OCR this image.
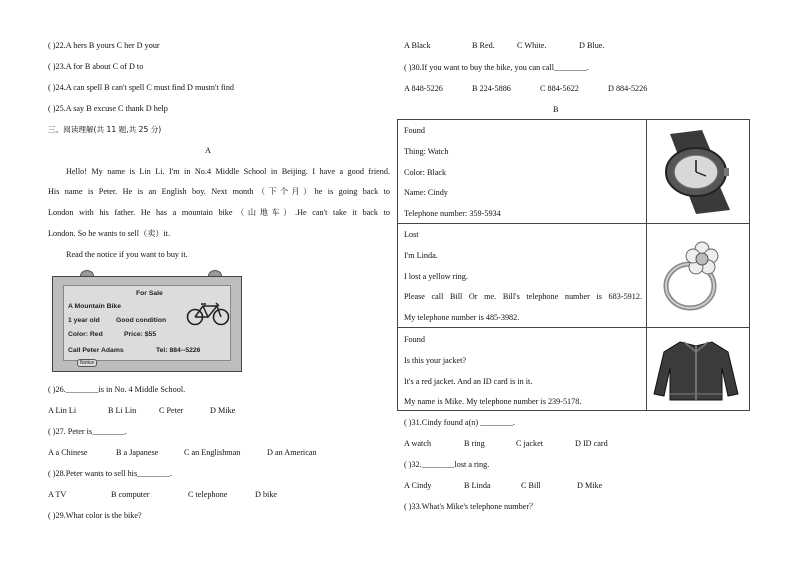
( )22.A hers B yours C her D your
( )23.A for B about C of D to
( )24.A can spell B can't spell C must find D mustn't find
( )25.A say B excuse C thank D help
三、阅读理解(共 11 题,共 25 分)
A
Hello! My name is Lin Li. I'm in No.4 Middle School in Beijing. I have a good friend.
His name is Peter. He is an English boy. Next month（下个月）he is going back to
London with his father. He has a mountain bike（山地车）.He can't take it back to
London. So he wants to sell（卖）it.
Read the notice if you want to buy it.
For Sale
A Mountain Bike
1 year old Good condition
Color: Red	Price: $55
Call Peter Adams	Tel: 884--5226
Notice
( )26.________is in No. 4 Middle School.
A Lin Li	B Li Lin	C Peter	D Mike
( )27. Peter is________.
A a Chinese	B a Japanese	C an Englishman	D an American
( )28.Peter wants to sell his________.
A TV	B computer	C telephone	D bike
( )29.What color is the bike?
A Black	B Red.	C White.	D Blue.
( )30.If you want to buy the bike, you can call________.
A 848-5226	B 224-5886	C 884-5622	D 884-5226
B
Found
Thing: Watch
Color: Black
Name: Cindy
Telephone number: 359-5934
Lost
I'm Linda.
I lost a yellow ring.
Please call Bill Or me. Bill's telephone number is 683-5912.
My telephone number is 485-3982.
Found
Is this your jacket?
It's a red jacket. And an ID card is in it.
My name is Mike. My telephone number is 239-5178.
( )31.Cindy found a(n) ________.
A watch	B ring	C jacket	D ID card
( )32.________lost a ring.
A Cindy	B Linda	C Bill	D Mike
( )33.What's Mike's telephone number？
